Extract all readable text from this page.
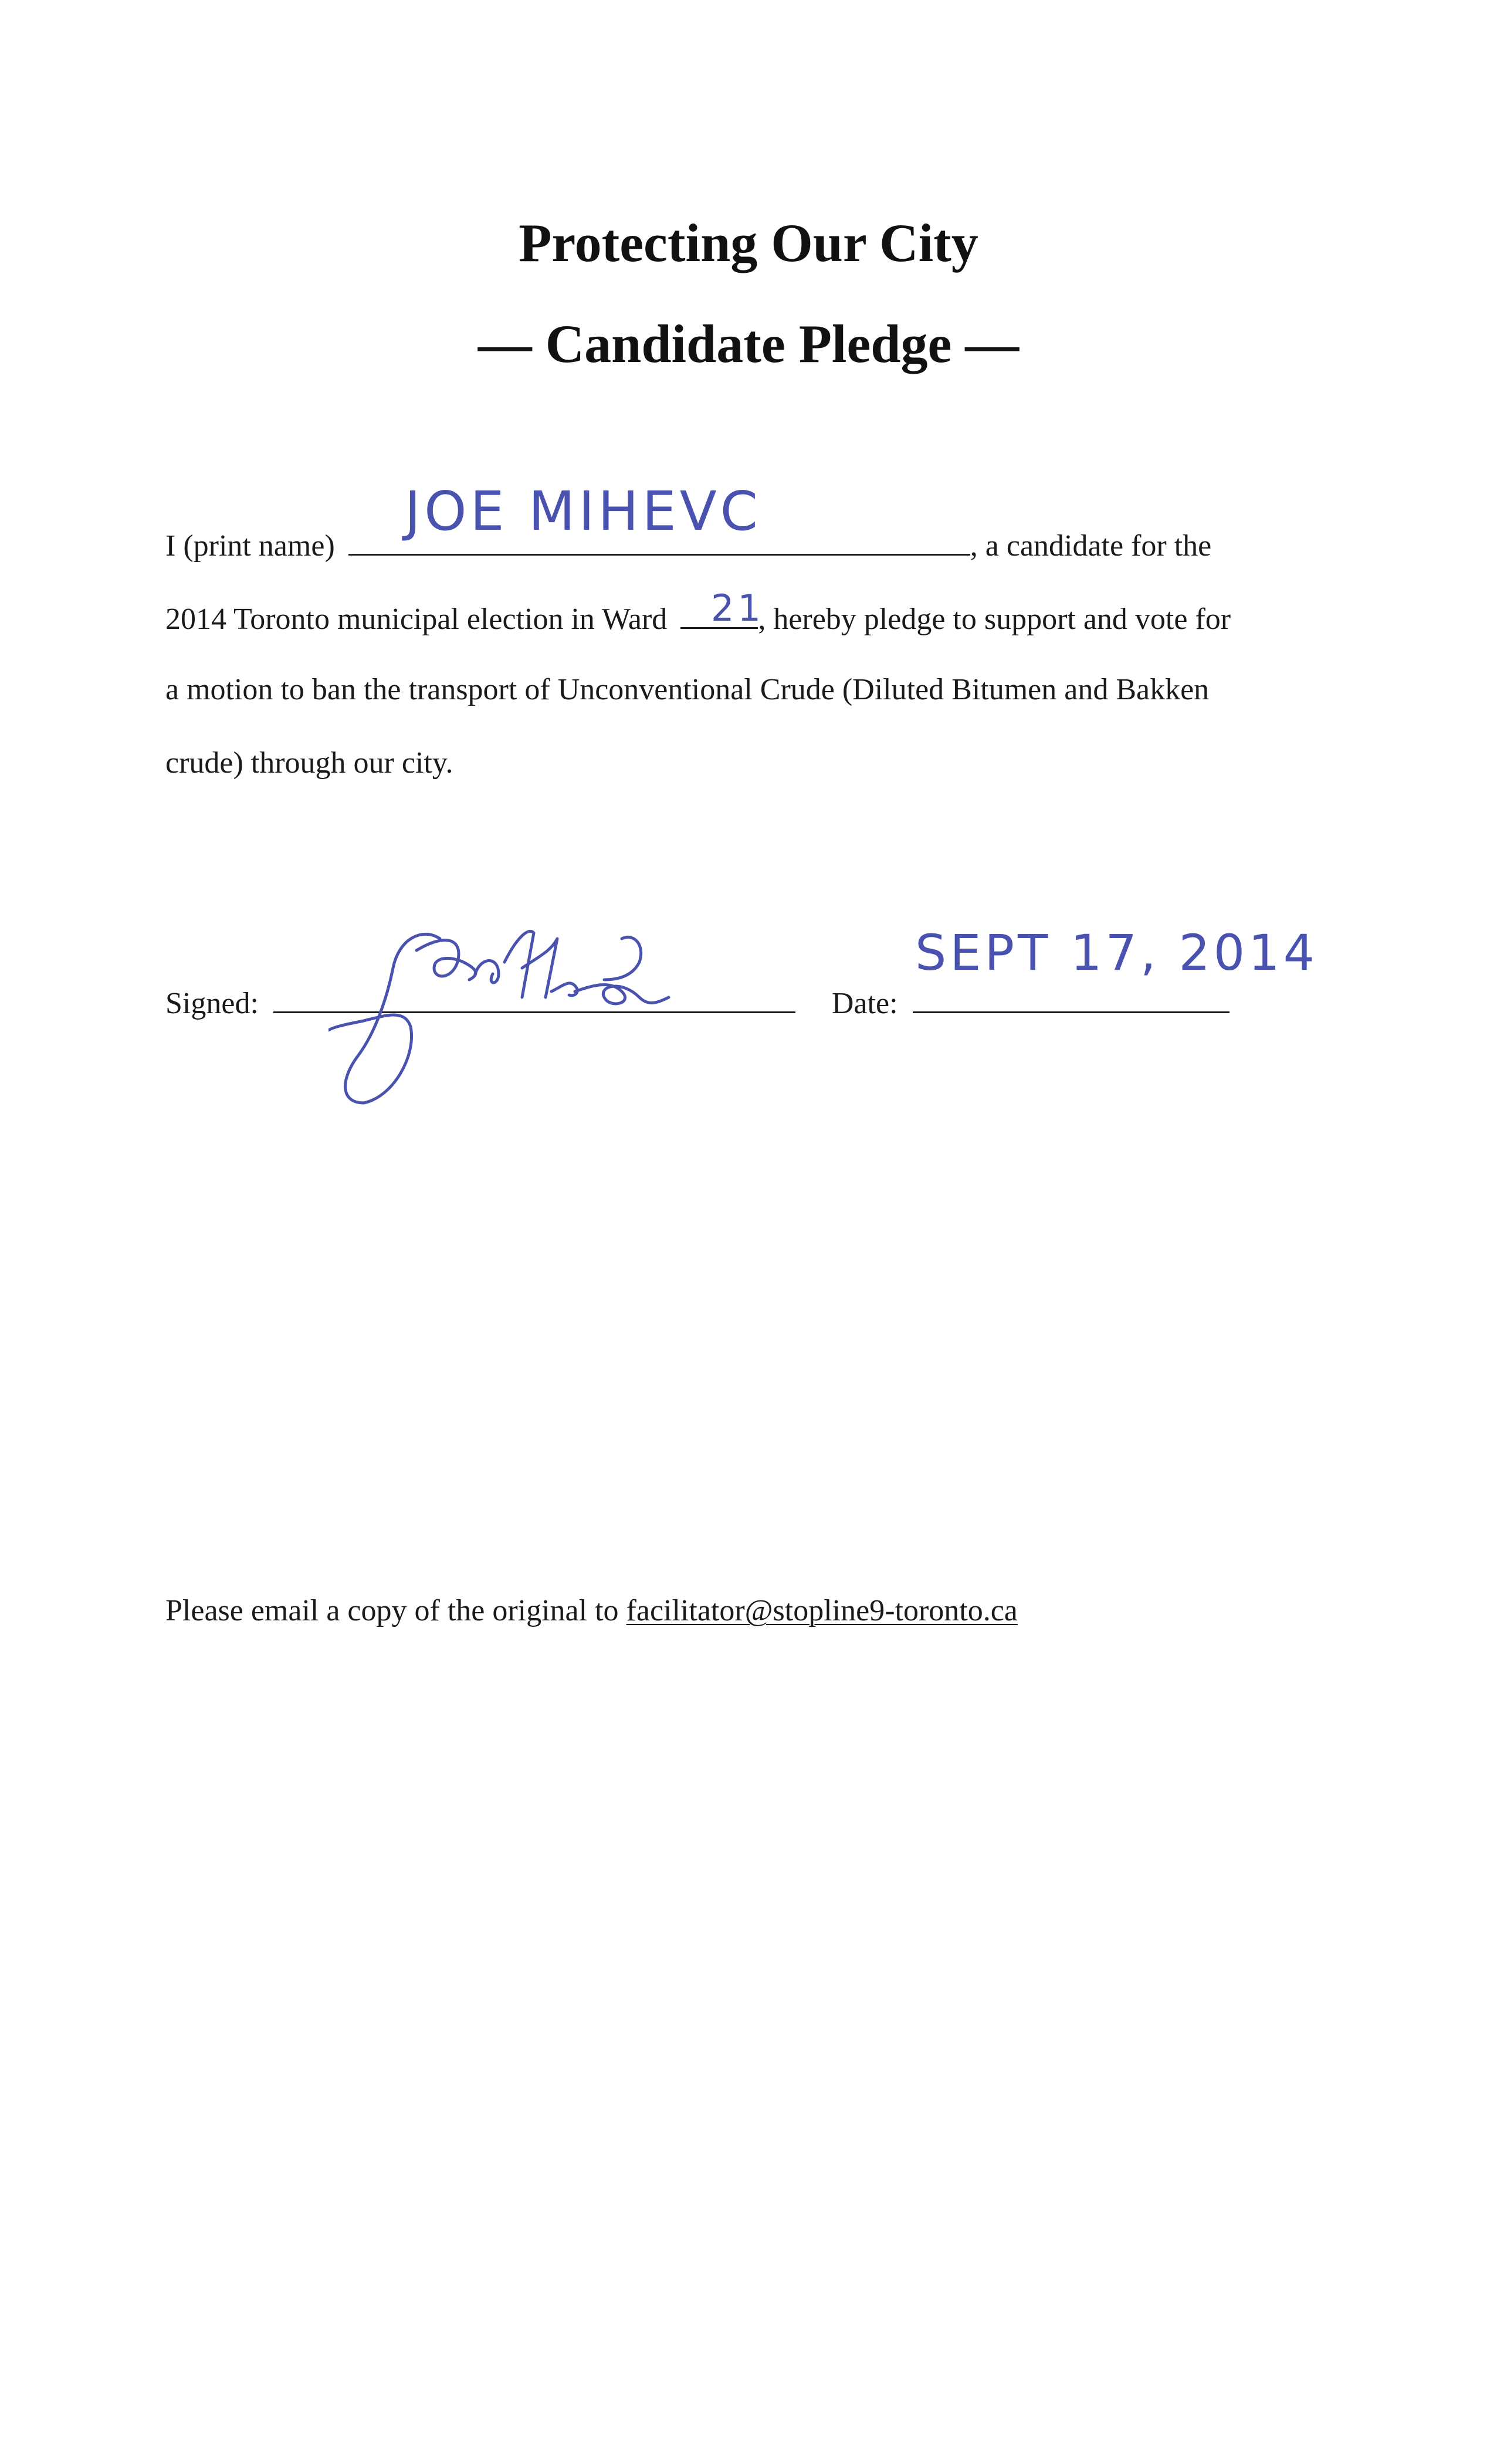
Protecting Our City
— Candidate Pledge —
I (print name)	, a candidate for the
JOE MIHEVC
2014 Toronto municipal election in Ward	, hereby pledge to support and vote for
21
a motion to ban the transport of Unconventional Crude (Diluted Bitumen and Bakken
crude) through our city.
Signed:	Date:
SEPT 17, 2014
Please email a copy of the original to facilitator@stopline9-toronto.ca
